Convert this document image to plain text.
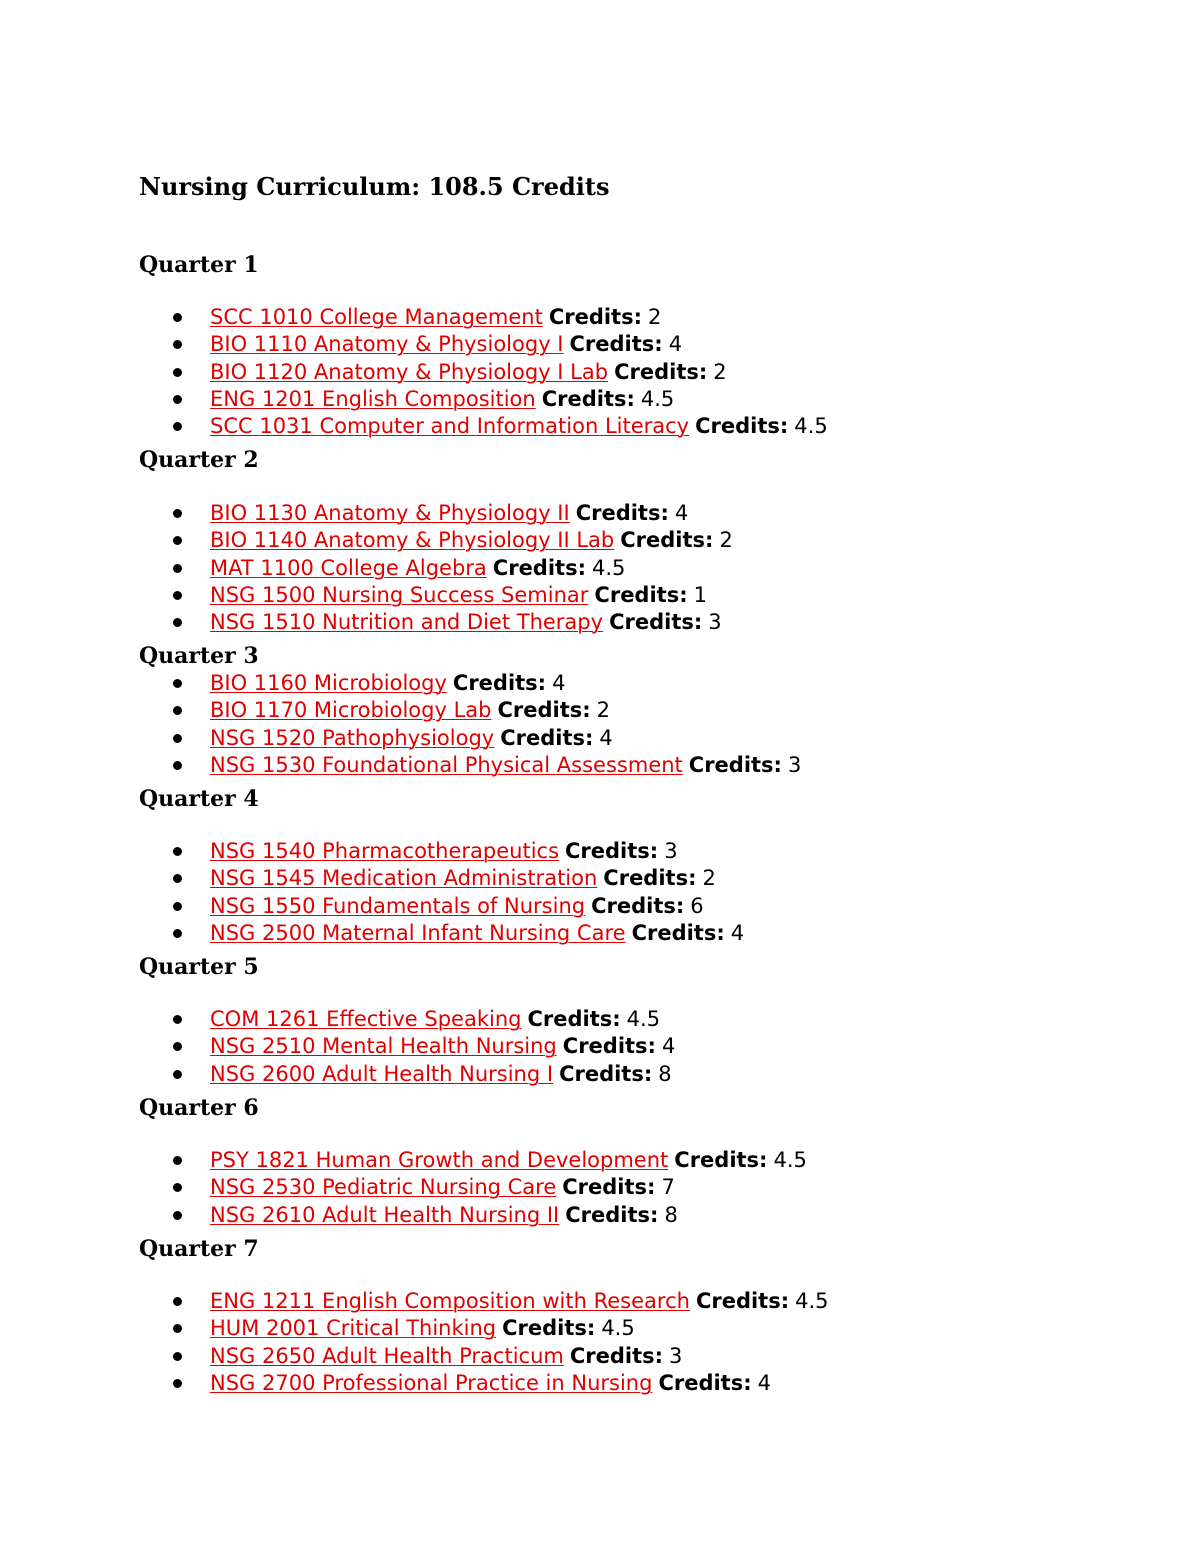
Nursing Curriculum: 108.5 Credits
Quarter 1
SCC 1010 College Management Credits: 2
BIO 1110 Anatomy & Physiology I Credits: 4
BIO 1120 Anatomy & Physiology I Lab Credits: 2
ENG 1201 English Composition Credits: 4.5
SCC 1031 Computer and Information Literacy Credits: 4.5
Quarter 2
BIO 1130 Anatomy & Physiology II Credits: 4
BIO 1140 Anatomy & Physiology II Lab Credits: 2
MAT 1100 College Algebra Credits: 4.5
NSG 1500 Nursing Success Seminar Credits: 1
NSG 1510 Nutrition and Diet Therapy Credits: 3
Quarter 3
BIO 1160 Microbiology Credits: 4
BIO 1170 Microbiology Lab Credits: 2
NSG 1520 Pathophysiology Credits: 4
NSG 1530 Foundational Physical Assessment Credits: 3
Quarter 4
NSG 1540 Pharmacotherapeutics Credits: 3
NSG 1545 Medication Administration Credits: 2
NSG 1550 Fundamentals of Nursing Credits: 6
NSG 2500 Maternal Infant Nursing Care Credits: 4
Quarter 5
COM 1261 Effective Speaking Credits: 4.5
NSG 2510 Mental Health Nursing Credits: 4
NSG 2600 Adult Health Nursing I Credits: 8
Quarter 6
PSY 1821 Human Growth and Development Credits: 4.5
NSG 2530 Pediatric Nursing Care Credits: 7
NSG 2610 Adult Health Nursing II Credits: 8
Quarter 7
ENG 1211 English Composition with Research Credits: 4.5
HUM 2001 Critical Thinking Credits: 4.5
NSG 2650 Adult Health Practicum Credits: 3
NSG 2700 Professional Practice in Nursing Credits: 4
